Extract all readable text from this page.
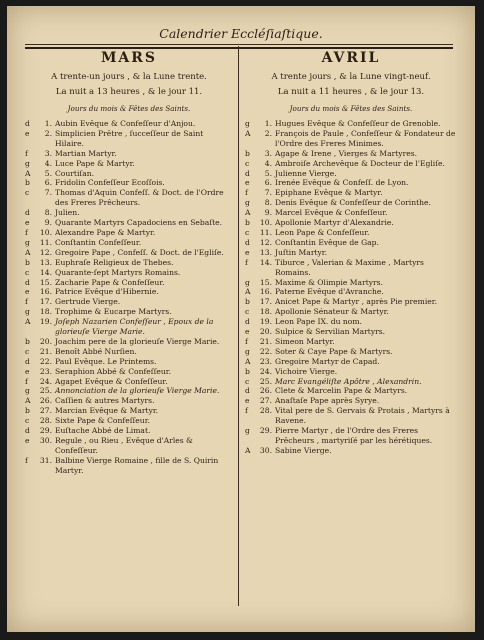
Calendrier Eccléſiaſtique.
MARS
A trente-un jours , & la Lune trente.
La nuit a 13 heures , & le jour 11.
Jours du mois & Fêtes des Saints.
d	1. Aubin Evêque & Confeſſeur d'Anjou.
e	2. Simplicien Prêtre , ſucceſſeur de Saint Hilaire.
f	3. Martian Martyr.
g	4. Luce Pape & Martyr.
A	5. Courtiſan.
b	6. Fridolin Confeſſeur Ecoſſois.
c	7. Thomas d'Aquin Confeſſ. & Doct. de l'Ordre des Freres Prêcheurs.
d	8. Julien.
e	9. Quarante Martyrs Capadociens en Sebaſte.
f	10. Alexandre Pape & Martyr.
g	11. Conſtantin Confeſſeur.
A	12. Gregoire Pape , Confeſſ. & Doct. de l'Egliſe.
b	13. Euphraſe Religieux de Thebes.
c	14. Quarante-ſept Martyrs Romains.
d	15. Zacharie Pape & Confeſſeur.
e	16. Patrice Evêque d'Hibernie.
f	17. Gertrude Vierge.
g	18. Trophime & Eucarpe Martyrs.
A	19. Joſeph Nazarien Confeſſeur , Epoux de la glorieuſe Vierge Marie.
b	20. Joachim pere de la glorieuſe Vierge Marie.
c	21. Benoît Abbé Nurſien.
d	22. Paul Evêque. Le Printems.
e	23. Seraphion Abbé & Confeſſeur.
f	24. Agapet Evêque & Confeſſeur.
g	25. Annonciation de la glorieuſe Vierge Marie.
A	26. Caſſien & autres Martyrs.
b	27. Marcian Evêque & Martyr.
c	28. Sixte Pape & Confeſſeur.
d	29. Euſtache Abbé de Limat.
e	30. Regule , ou Rieu , Evêque d'Arles & Confeſſeur.
f	31. Balbine Vierge Romaine , fille de S. Quirin Martyr.
AVRIL
A trente jours , & la Lune vingt-neuf.
La nuit a 11 heures , & le jour 13.
Jours du mois & Fêtes des Saints.
g	1. Hugues Evêque & Confeſſeur de Grenoble.
A	2. François de Paule , Confeſſeur & Fondateur de l'Ordre des Freres Minimes.
b	3. Agape & Irene , Vierges & Martyres.
c	4. Ambroiſe Archevêque & Docteur de l'Egliſe.
d	5. Julienne Vierge.
e	6. Irenée Evêque & Confeſſ. de Lyon.
f	7. Epiphane Evêque & Martyr.
g	8. Denis Evêque & Confeſſeur de Corinthe.
A	9. Marcel Evêque & Confeſſeur.
b	10. Apollonie Martyr d'Alexandrie.
c	11. Leon Pape & Confeſſeur.
d	12. Conſtantin Evêque de Gap.
e	13. Juſtin Martyr.
f	14. Tiburce , Valerian & Maxime , Martyrs Romains.
g	15. Maxime & Olimpie Martyrs.
A	16. Paterne Evêque d'Avranche.
b	17. Anicet Pape & Martyr , après Pie premier.
c	18. Apollonie Sénateur & Martyr.
d	19. Leon Pape IX. du nom.
e	20. Sulpice & Servilian Martyrs.
f	21. Simeon Martyr.
g	22. Soter & Caye Pape & Martyrs.
A	23. Gregoire Martyr de Capad.
b	24. Vichoire Vierge.
c	25. Marc Evangéliſte Apôtre , Alexandrin.
d	26. Clete & Marcelin Pape & Martyrs.
e	27. Anaſtaſe Pape après Syrye.
f	28. Vital pere de S. Gervais & Protais , Martyrs à Ravene.
g	29. Pierre Martyr , de l'Ordre des Freres Prêcheurs , martyriſé par les hérétiques.
A	30. Sabine Vierge.
